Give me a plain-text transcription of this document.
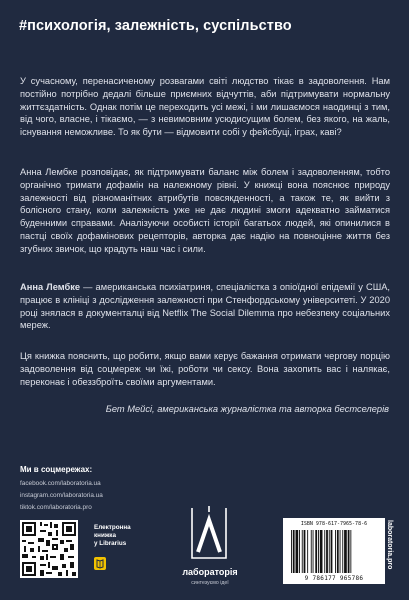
#психологія, залежність, суспільство

У сучасному, перенасиченому розвагами світі людство тікає в задоволення. Нам постійно потрібно дедалі більше приємних відчуттів, аби підтримувати нормальну життєздатність. Однак потім це переходить усі межі, і ми лишаємося наодинці з тим, від чого, власне, і тікаємо, — з невимовним усюдисущим болем, без якого, на жаль, існування неможливе. То як бути — відмовити собі у фейсбуці, іграх, каві?

Анна Лембке розповідає, як підтримувати баланс між болем і задоволенням, тобто органічно тримати дофамін на належному рівні. У книжці вона пояснює природу залежності від різноманітних атрибутів повсякденності, а також те, як вийти з болісного стану, коли залежність уже не дає людині змоги адекватно займатися буденними справами. Аналізуючи особисті історії багатьох людей, які опинилися в пастці своїх дофамінових рецепторів, авторка дає надію на повноцінне життя без згубних звичок, що крадуть наш час і сили.

Анна Лембке — американська психіатриня, спеціалістка з опіоїдної епідемії у США, працює в клініці з дослідження залежності при Стенфордському університеті. У 2020 році знялася в документалці від Netflix The Social Dilemma про небезпеку соціальних мереж.

Ця книжка пояснить, що робити, якщо вами керує бажання отримати чергову порцію задоволення від соцмереж чи їжі, роботи чи сексу. Вона захопить вас і налякає, переконає і обеззброїть своїми аргументами.

Бет Мейсі, американська журналістка та авторка бестселерів

Ми в соцмережах:
facebook.com/laboratoria.ua
instagram.com/laboratoria.ua
tiktok.com/laboratoria.pro
Електронна
книжка
у Librarius
лабораторія
синтезуємо ідеї
ISBN 978-617-7965-78-6
9 786177 965786
laboratoria.pro
